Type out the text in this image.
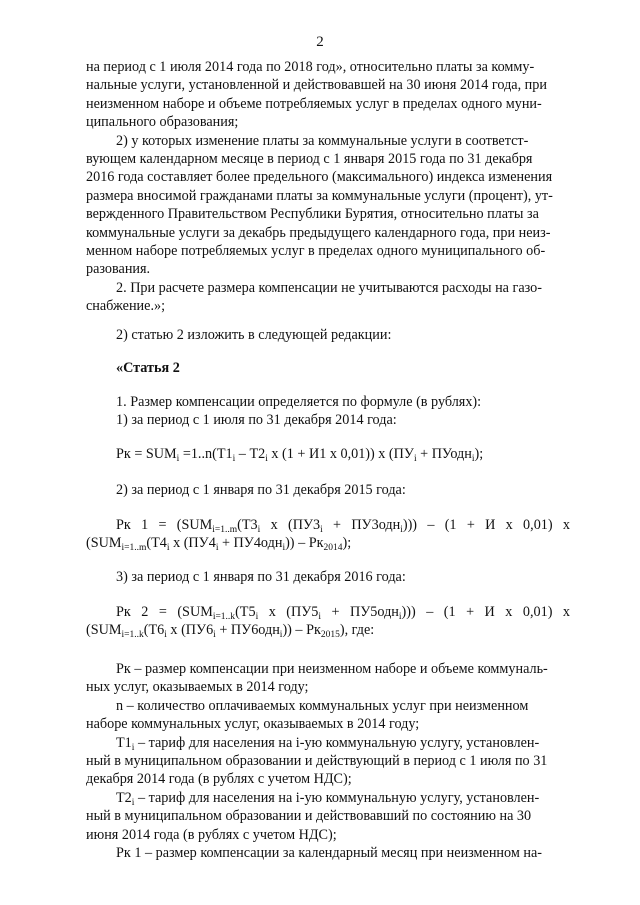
2

на период с 1 июля 2014 года по 2018 год», относительно платы за комму-

нальные услуги, установленной и действовавшей на 30 июня 2014 года, при

неизменном наборе и объеме потребляемых услуг в пределах одного муни-

ципального образования;

2) у которых изменение платы за коммунальные услуги в соответст-

вующем календарном месяце в период с 1 января 2015 года по 31 декабря

2016 года составляет более предельного (максимального) индекса изменения

размера вносимой гражданами платы за коммунальные услуги (процент), ут-

вержденного Правительством Республики Бурятия, относительно платы за

коммунальные услуги за декабрь предыдущего календарного года, при неиз-

менном наборе потребляемых услуг в пределах одного муниципального об-

разования.

2. При расчете размера компенсации не учитываются расходы на газо-

снабжение.»;

2) статью 2 изложить в следующей редакции:

«Статья 2

1. Размер компенсации определяется по формуле (в рублях):

1) за период с 1 июля по 31 декабря 2014 года:

Рк = $SUM_i =1..n(Т1_i - Т2_i$ x (1 + И1 x 0,01)) x ($ПУ_i$ + ПУодн$_i$);

2) за период с 1 января по 31 декабря 2015 года:

Рк $1 = (SUM_{i=1..m}(Т3_i$ x $(ПУ3_i + ПУ3одн_i))) - (1 + И$ x 0,01) x

($SUM_{i=1..m}(Т4_i$ x $(ПУ4_i + ПУ4одн_i)) - Рк_{2014}$);

3) за период с 1 января по 31 декабря 2016 года:

Рк $2 = (SUM_{i=1..k}(Т5_i$ x $(ПУ5_i + ПУ5одн_i))) - (1 + И$ x 0,01) x

($SUM_{i=1..k}(Т6_i$ x $(ПУ6_i + ПУ6одн_i)) - Рк_{2015}$), где:

Рк – размер компенсации при неизменном наборе и объеме коммуналь-

ных услуг, оказываемых в 2014 году;

n – количество оплачиваемых коммунальных услуг при неизменном

наборе коммунальных услуг, оказываемых в 2014 году;

$Т1_i$ – тариф для населения на i-ую коммунальную услугу, установлен-

ный в муниципальном образовании и действующий в период с 1 июля по 31

декабря 2014 года (в рублях с учетом НДС);

$Т2_i$ – тариф для населения на i-ую коммунальную услугу, установлен-

ный в муниципальном образовании и действовавший по состоянию на 30

июня 2014 года (в рублях с учетом НДС);

Рк 1 – размер компенсации за календарный месяц при неизменном на-
